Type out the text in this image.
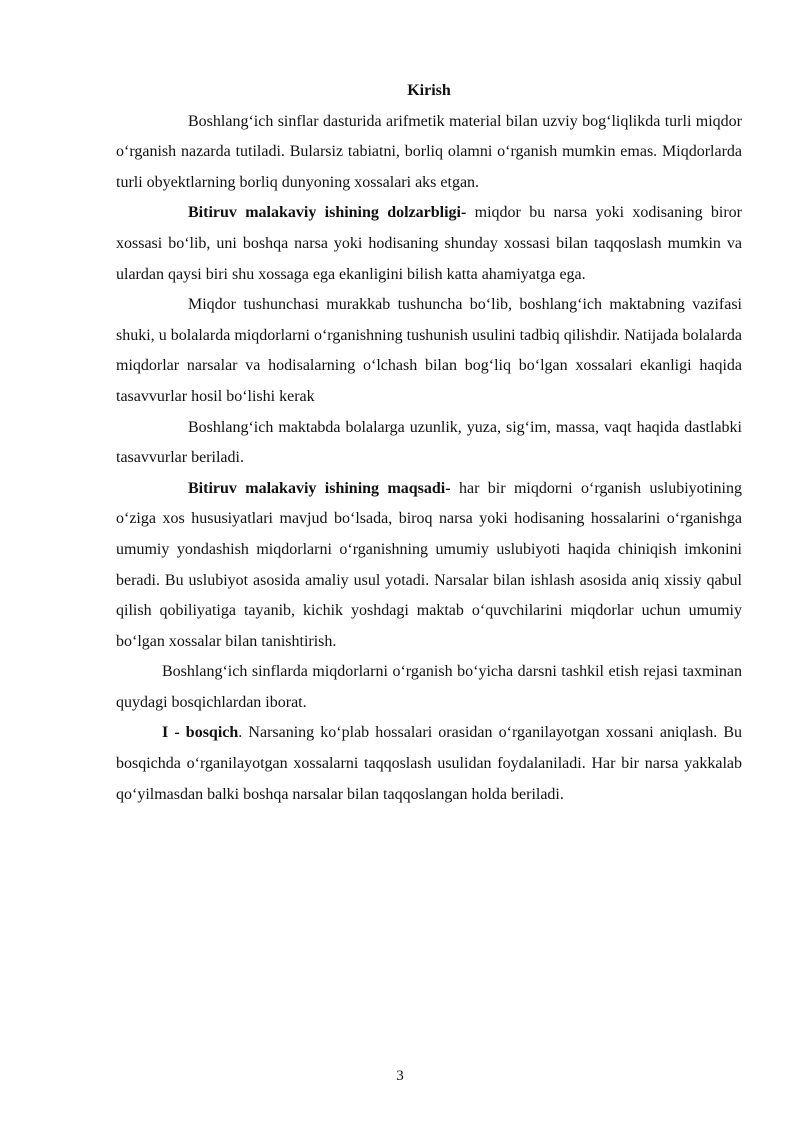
Kirish

Boshlang‘ich sinflar dasturida arifmetik material bilan uzviy bog‘liqlikda turli miqdor o‘rganish nazarda tutiladi. Bularsiz tabiatni, borliq olamni o‘rganish mumkin emas. Miqdorlarda turli obyektlarning borliq dunyoning xossalari aks etgan.

Bitiruv malakaviy ishining dolzarbligi- miqdor bu narsa yoki xodisaning biror xossasi bo‘lib, uni boshqa narsa yoki hodisaning shunday xossasi bilan taqqoslash mumkin va ulardan qaysi biri shu xossaga ega ekanligini bilish katta ahamiyatga ega.

Miqdor tushunchasi murakkab tushuncha bo‘lib, boshlang‘ich maktabning vazifasi shuki, u bolalarda miqdorlarni o‘rganishning tushunish usulini tadbiq qilishdir. Natijada bolalarda miqdorlar narsalar va hodisalarning o‘lchash bilan bog‘liq bo‘lgan xossalari ekanligi haqida tasavvurlar hosil bo‘lishi kerak

Boshlang‘ich maktabda bolalarga uzunlik, yuza, sig‘im, massa, vaqt haqida dastlabki tasavvurlar beriladi.

Bitiruv malakaviy ishining maqsadi- har bir miqdorni o‘rganish uslubiyotining o‘ziga xos hususiyatlari mavjud bo‘lsada, biroq narsa yoki hodisaning hossalarini o‘rganishga umumiy yondashish miqdorlarni o‘rganishning umumiy uslubiyoti haqida chiniqish imkonini beradi. Bu uslubiyot asosida amaliy usul yotadi. Narsalar bilan ishlash asosida aniq xissiy qabul qilish qobiliyatiga tayanib, kichik yoshdagi maktab o‘quvchilarini miqdorlar uchun umumiy bo‘lgan xossalar bilan tanishtirish.

Boshlang‘ich sinflarda miqdorlarni o‘rganish bo‘yicha darsni tashkil etish rejasi taxminan quydagi bosqichlardan iborat.

I - bosqich. Narsaning ko‘plab hossalari orasidan o‘rganilayotgan xossani aniqlash. Bu bosqichda o‘rganilayotgan xossalarni taqqoslash usulidan foydalaniladi. Har bir narsa yakkalab qo‘yilmasdan balki boshqa narsalar bilan taqqoslangan holda beriladi.

3
